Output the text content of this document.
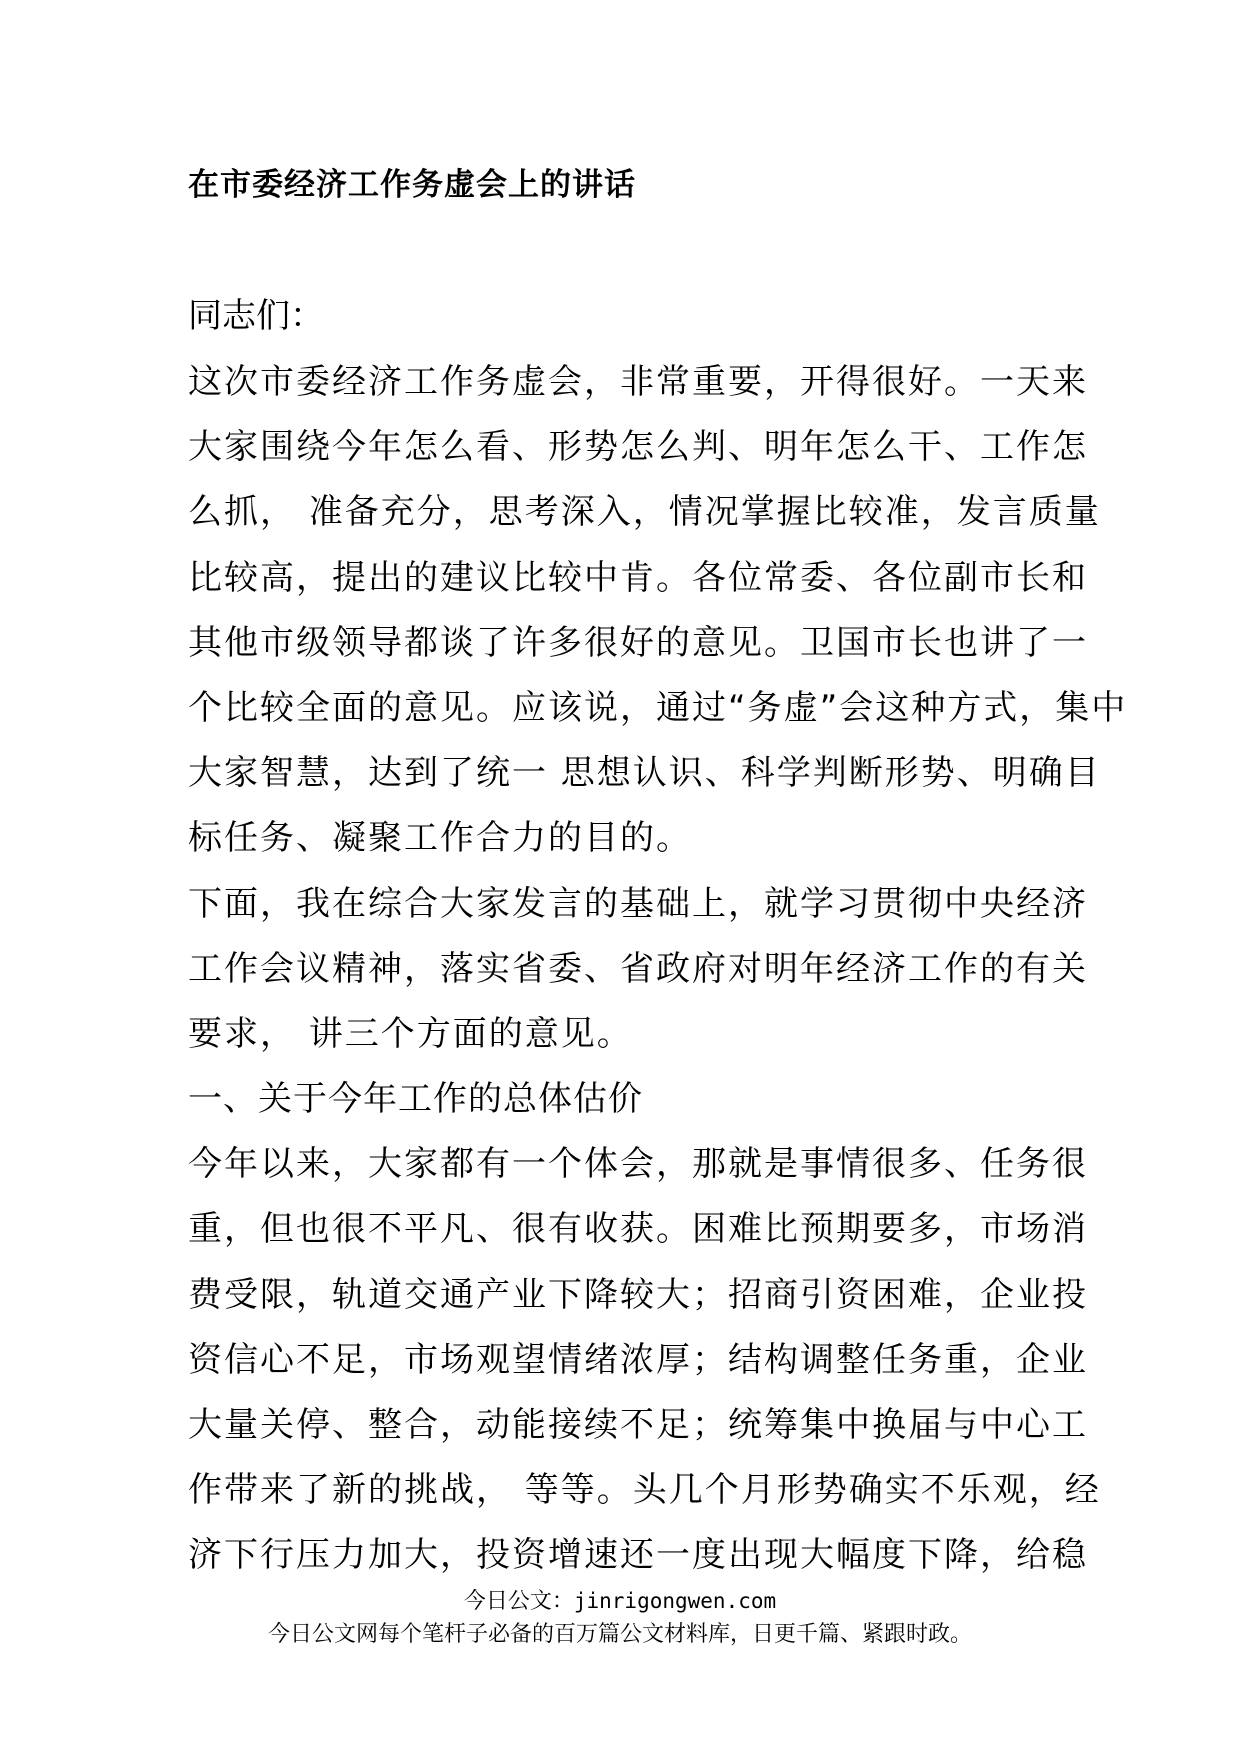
在市委经济工作务虚会上的讲话

同志们：

这次市委经济工作务虚会，非常重要，开得很好。一天来
大家围绕今年怎么看、形势怎么判、明年怎么干、工作怎
么抓， 准备充分，思考深入，情况掌握比较准，发言质量
比较高，提出的建议比较中肯。各位常委、各位副市长和
其他市级领导都谈了许多很好的意见。卫国市长也讲了一
个比较全面的意见。应该说，通过“务虚”会这种方式，集中
大家智慧，达到了统一 思想认识、科学判断形势、明确目
标任务、凝聚工作合力的目的。
下面，我在综合大家发言的基础上，就学习贯彻中央经济
工作会议精神，落实省委、省政府对明年经济工作的有关
要求， 讲三个方面的意见。
一、关于今年工作的总体估价
今年以来，大家都有一个体会，那就是事情很多、任务很
重，但也很不平凡、很有收获。困难比预期要多，市场消
费受限，轨道交通产业下降较大；招商引资困难，企业投
资信心不足，市场观望情绪浓厚；结构调整任务重，企业
大量关停、整合，动能接续不足；统筹集中换届与中心工
作带来了新的挑战， 等等。头几个月形势确实不乐观，经
济下行压力加大，投资增速还一度出现大幅度下降，给稳

今日公文：jinrigongwen.com

今日公文网每个笔杆子必备的百万篇公文材料库，日更千篇、紧跟时政。
